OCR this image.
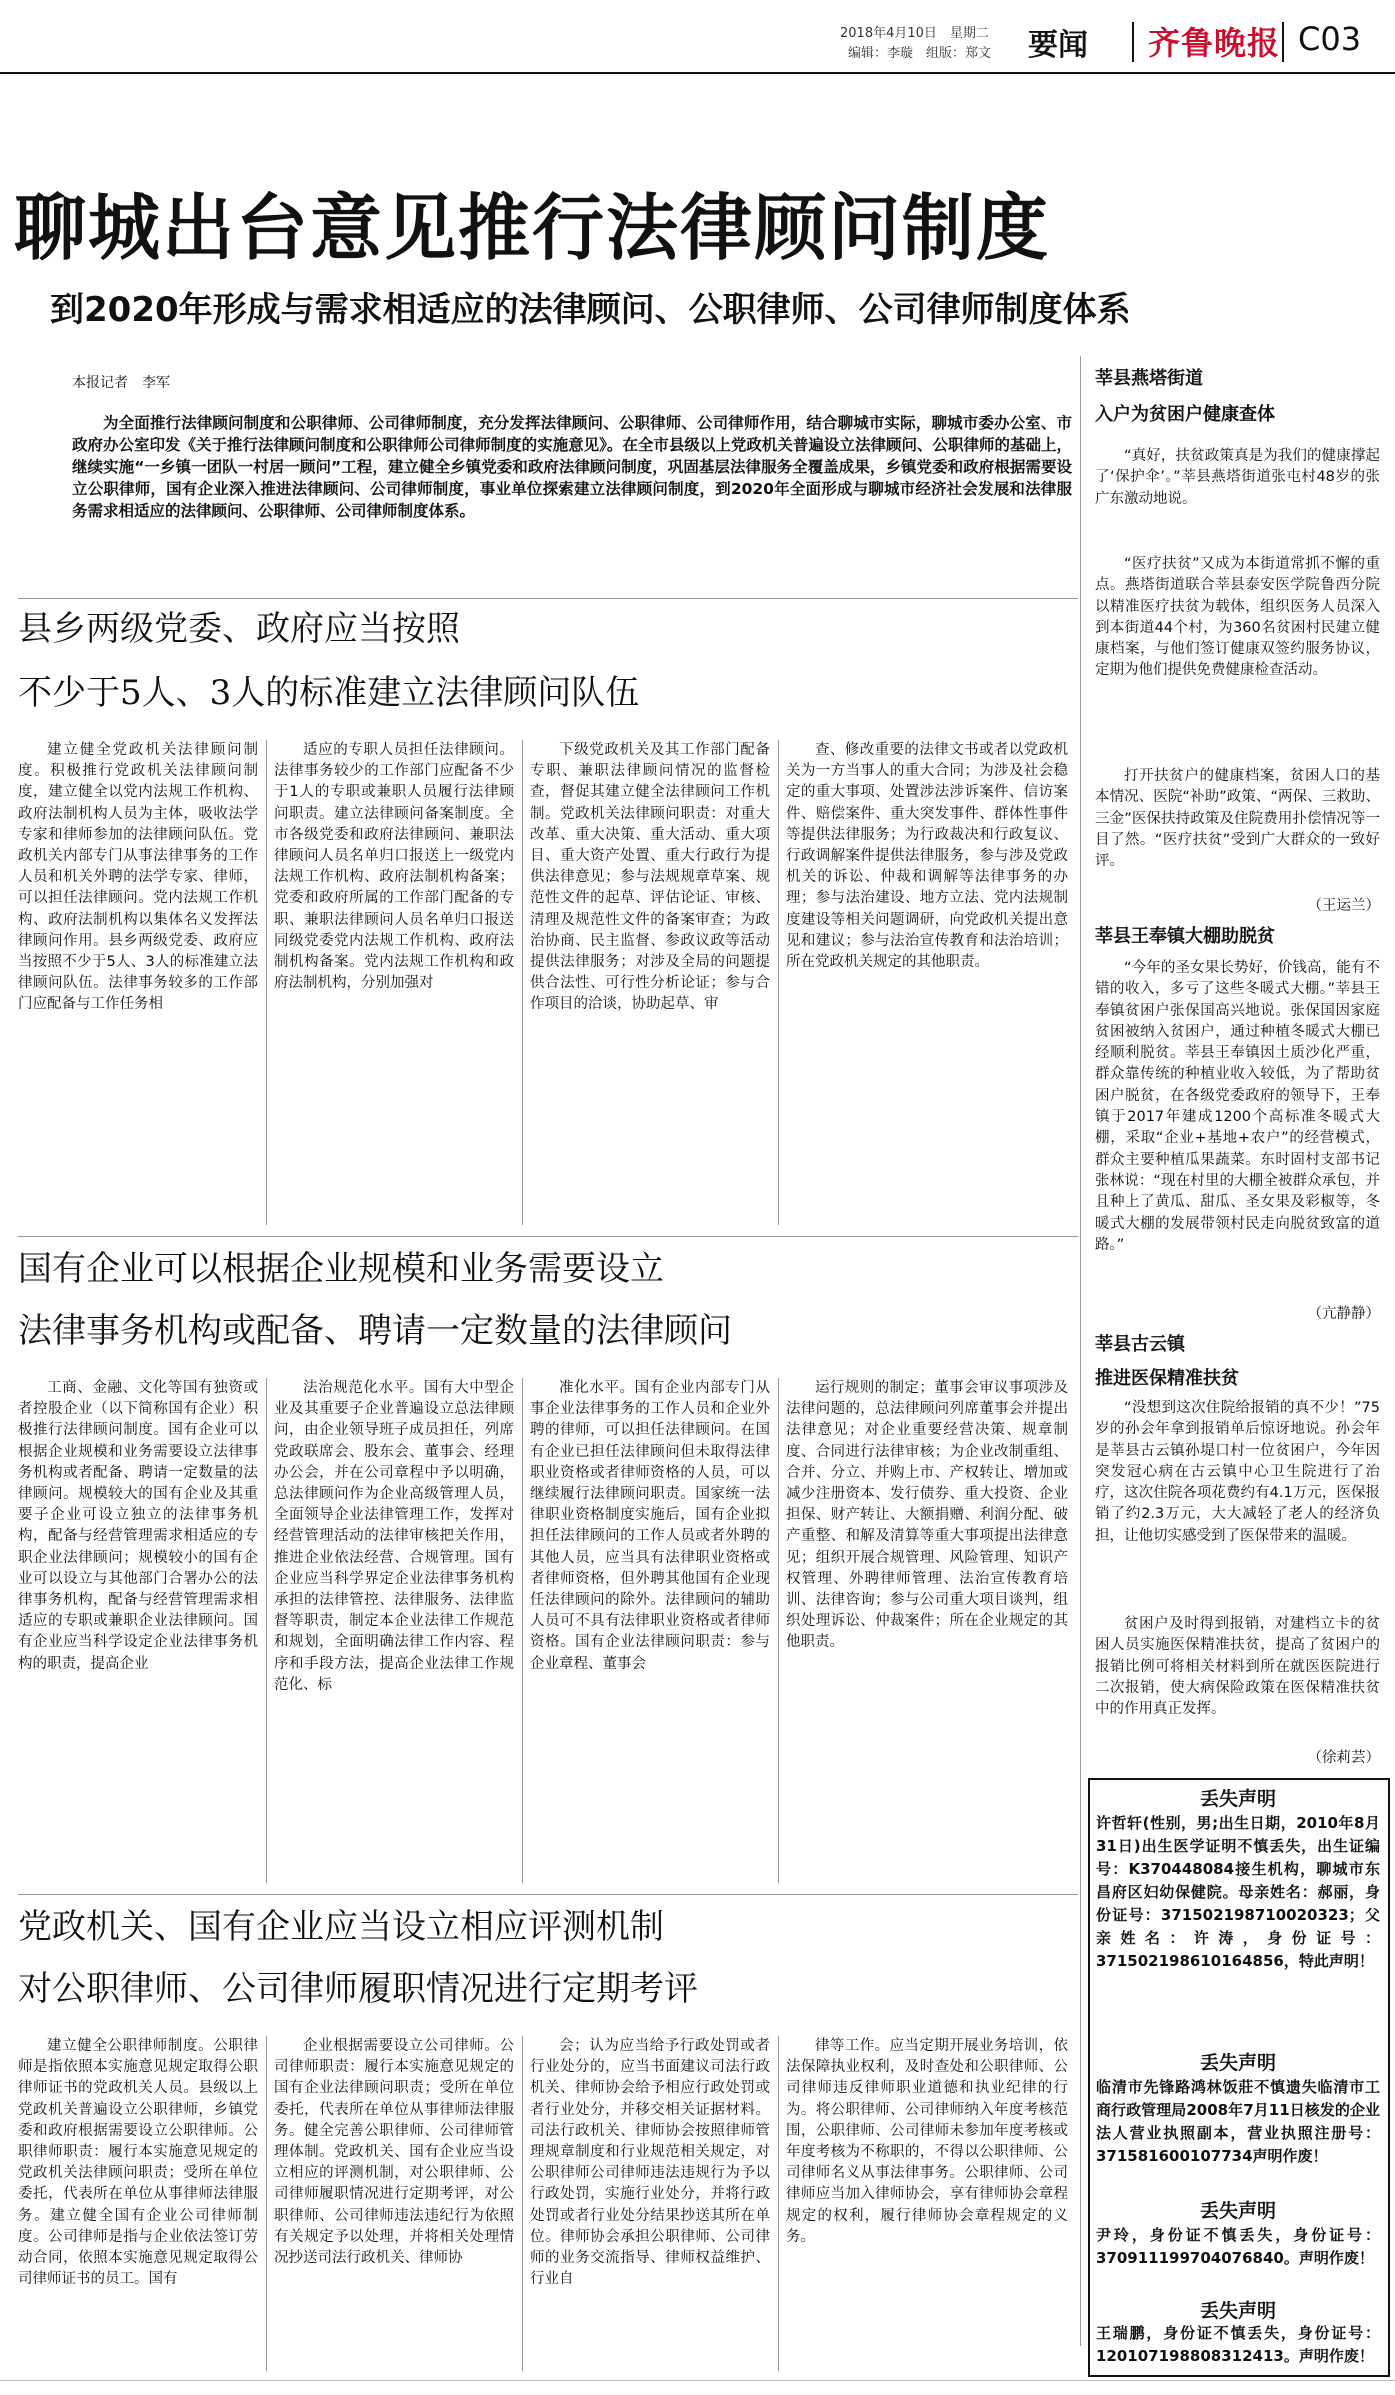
2018年4月10日　星期二
编辑：李璇　组版：郑文 要闻 齐鲁晚报 C03
聊城出台意见推行法律顾问制度
到2020年形成与需求相适应的法律顾问、公职律师、公司律师制度体系
本报记者　李军
为全面推行法律顾问制度和公职律师、公司律师制度，充分发挥法律顾问、公职律师、公司律师作用，结合聊城市实际，聊城市委办公室、市政府办公室印发《关于推行法律顾问制度和公职律师公司律师制度的实施意见》。在全市县级以上党政机关普遍设立法律顾问、公职律师的基础上，继续实施“一乡镇一团队一村居一顾问”工程，建立健全乡镇党委和政府法律顾问制度，巩固基层法律服务全覆盖成果，乡镇党委和政府根据需要设立公职律师，国有企业深入推进法律顾问、公司律师制度，事业单位探索建立法律顾问制度，到2020年全面形成与聊城市经济社会发展和法律服务需求相适应的法律顾问、公职律师、公司律师制度体系。
县乡两级党委、政府应当按照
不少于5人、3人的标准建立法律顾问队伍
建立健全党政机关法律顾问制度。积极推行党政机关法律顾问制度，建立健全以党内法规工作机构、政府法制机构人员为主体，吸收法学专家和律师参加的法律顾问队伍。党政机关内部专门从事法律事务的工作人员和机关外聘的法学专家、律师，可以担任法律顾问。党内法规工作机构、政府法制机构以集体名义发挥法律顾问作用。县乡两级党委、政府应当按照不少于5人、3人的标准建立法律顾问队伍。法律事务较多的工作部门应配备与工作任务相
适应的专职人员担任法律顾问。法律事务较少的工作部门应配备不少于1人的专职或兼职人员履行法律顾问职责。建立法律顾问备案制度。全市各级党委和政府法律顾问、兼职法律顾问人员名单归口报送上一级党内法规工作机构、政府法制机构备案；党委和政府所属的工作部门配备的专职、兼职法律顾问人员名单归口报送同级党委党内法规工作机构、政府法制机构备案。党内法规工作机构和政府法制机构，分别加强对
下级党政机关及其工作部门配备专职、兼职法律顾问情况的监督检查，督促其建立健全法律顾问工作机制。党政机关法律顾问职责：对重大改革、重大决策、重大活动、重大项目、重大资产处置、重大行政行为提供法律意见；参与法规规章草案、规范性文件的起草、评估论证、审核、清理及规范性文件的备案审查；为政治协商、民主监督、参政议政等活动提供法律服务；对涉及全局的问题提供合法性、可行性分析论证；参与合作项目的洽谈，协助起草、审
查、修改重要的法律文书或者以党政机关为一方当事人的重大合同；为涉及社会稳定的重大事项、处置涉法涉诉案件、信访案件、赔偿案件、重大突发事件、群体性事件等提供法律服务；为行政裁决和行政复议、行政调解案件提供法律服务，参与涉及党政机关的诉讼、仲裁和调解等法律事务的办理；参与法治建设、地方立法、党内法规制度建设等相关问题调研，向党政机关提出意见和建议；参与法治宣传教育和法治培训；所在党政机关规定的其他职责。
国有企业可以根据企业规模和业务需要设立
法律事务机构或配备、聘请一定数量的法律顾问
工商、金融、文化等国有独资或者控股企业（以下简称国有企业）积极推行法律顾问制度。国有企业可以根据企业规模和业务需要设立法律事务机构或者配备、聘请一定数量的法律顾问。规模较大的国有企业及其重要子企业可设立独立的法律事务机构，配备与经营管理需求相适应的专职企业法律顾问；规模较小的国有企业可以设立与其他部门合署办公的法律事务机构，配备与经营管理需求相适应的专职或兼职企业法律顾问。国有企业应当科学设定企业法律事务机构的职责，提高企业
法治规范化水平。国有大中型企业及其重要子企业普遍设立总法律顾问，由企业领导班子成员担任，列席党政联席会、股东会、董事会、经理办公会，并在公司章程中予以明确，总法律顾问作为企业高级管理人员，全面领导企业法律管理工作，发挥对经营管理活动的法律审核把关作用，推进企业依法经营、合规管理。国有企业应当科学界定企业法律事务机构承担的法律管控、法律服务、法律监督等职责，制定本企业法律工作规范和规划，全面明确法律工作内容、程序和手段方法，提高企业法律工作规范化、标
准化水平。国有企业内部专门从事企业法律事务的工作人员和企业外聘的律师，可以担任法律顾问。在国有企业已担任法律顾问但未取得法律职业资格或者律师资格的人员，可以继续履行法律顾问职责。国家统一法律职业资格制度实施后，国有企业拟担任法律顾问的工作人员或者外聘的其他人员，应当具有法律职业资格或者律师资格，但外聘其他国有企业现任法律顾问的除外。法律顾问的辅助人员可不具有法律职业资格或者律师资格。国有企业法律顾问职责：参与企业章程、董事会
运行规则的制定；董事会审议事项涉及法律问题的，总法律顾问列席董事会并提出法律意见；对企业重要经营决策、规章制度、合同进行法律审核；为企业改制重组、合并、分立、并购上市、产权转让、增加或减少注册资本、发行债券、重大投资、企业担保、财产转让、大额捐赠、利润分配、破产重整、和解及清算等重大事项提出法律意见；组织开展合规管理、风险管理、知识产权管理、外聘律师管理、法治宣传教育培训、法律咨询；参与公司重大项目谈判，组织处理诉讼、仲裁案件；所在企业规定的其他职责。
党政机关、国有企业应当设立相应评测机制
对公职律师、公司律师履职情况进行定期考评
建立健全公职律师制度。公职律师是指依照本实施意见规定取得公职律师证书的党政机关人员。县级以上党政机关普遍设立公职律师，乡镇党委和政府根据需要设立公职律师。公职律师职责：履行本实施意见规定的党政机关法律顾问职责；受所在单位委托，代表所在单位从事律师法律服务。建立健全国有企业公司律师制度。公司律师是指与企业依法签订劳动合同，依照本实施意见规定取得公司律师证书的员工。国有
企业根据需要设立公司律师。公司律师职责：履行本实施意见规定的国有企业法律顾问职责；受所在单位委托，代表所在单位从事律师法律服务。健全完善公职律师、公司律师管理体制。党政机关、国有企业应当设立相应的评测机制，对公职律师、公司律师履职情况进行定期考评，对公职律师、公司律师违法违纪行为依照有关规定予以处理，并将相关处理情况抄送司法行政机关、律师协
会；认为应当给予行政处罚或者行业处分的，应当书面建议司法行政机关、律师协会给予相应行政处罚或者行业处分，并移交相关证据材料。司法行政机关、律师协会按照律师管理规章制度和行业规范相关规定，对公职律师公司律师违法违规行为予以行政处罚，实施行业处分，并将行政处罚或者行业处分结果抄送其所在单位。律师协会承担公职律师、公司律师的业务交流指导、律师权益维护、行业自
律等工作。应当定期开展业务培训，依法保障执业权利，及时查处和公职律师、公司律师违反律师职业道德和执业纪律的行为。将公职律师、公司律师纳入年度考核范围，公职律师、公司律师未参加年度考核或年度考核为不称职的，不得以公职律师、公司律师名义从事法律事务。公职律师、公司律师应当加入律师协会，享有律师协会章程规定的权利，履行律师协会章程规定的义务。
莘县燕塔街道
入户为贫困户健康查体
“真好，扶贫政策真是为我们的健康撑起了‘保护伞’。”莘县燕塔街道张屯村48岁的张广东激动地说。
“医疗扶贫”又成为本街道常抓不懈的重点。燕塔街道联合莘县泰安医学院鲁西分院以精准医疗扶贫为载体，组织医务人员深入到本街道44个村，为360名贫困村民建立健康档案，与他们签订健康双签约服务协议，定期为他们提供免费健康检查活动。
打开扶贫户的健康档案，贫困人口的基本情况、医院“补助”政策、“两保、三救助、三金”医保扶持政策及住院费用扑偿情况等一目了然。“医疗扶贫”受到广大群众的一致好评。
（王运兰）
莘县王奉镇大棚助脱贫
“今年的圣女果长势好，价钱高，能有不错的收入，多亏了这些冬暖式大棚。”莘县王奉镇贫困户张保国高兴地说。张保国因家庭贫困被纳入贫困户，通过种植冬暖式大棚已经顺利脱贫。莘县王奉镇因土质沙化严重，群众靠传统的种植业收入较低，为了帮助贫困户脱贫，在各级党委政府的领导下，王奉镇于2017年建成1200个高标准冬暖式大棚，采取“企业+基地+农户”的经营模式，群众主要种植瓜果蔬菜。东时固村支部书记张林说：“现在村里的大棚全被群众承包，并且种上了黄瓜、甜瓜、圣女果及彩椒等，冬暖式大棚的发展带领村民走向脱贫致富的道路。”
（亢静静）
莘县古云镇
推进医保精准扶贫
“没想到这次住院给报销的真不少！”75岁的孙会年拿到报销单后惊讶地说。孙会年是莘县古云镇孙堤口村一位贫困户，今年因突发冠心病在古云镇中心卫生院进行了治疗，这次住院各项花费约有4.1万元，医保报销了约2.3万元，大大减轻了老人的经济负担，让他切实感受到了医保带来的温暖。
贫困户及时得到报销，对建档立卡的贫困人员实施医保精准扶贫，提高了贫困户的报销比例可将相关材料到所在就医医院进行二次报销，使大病保险政策在医保精准扶贫中的作用真正发挥。
（徐莉芸）
丢失声明
许哲轩(性别，男;出生日期，2010年8月31日)出生医学证明不慎丢失，出生证编号：K370448084接生机构，聊城市东昌府区妇幼保健院。母亲姓名：郝丽，身份证号：371502198710020323；父亲姓名：许涛，身份证号：371502198610164856，特此声明！
丢失声明
临清市先锋路鸿林饭莊不慎遗失临清市工商行政管理局2008年7月11日核发的企业法人营业执照副本，营业执照注册号：371581600107734声明作废！
丢失声明
尹玲，身份证不慎丢失，身份证号：370911199704076840。声明作废！
丢失声明
王瑞鹏，身份证不慎丢失，身份证号：120107198808312413。声明作废！
